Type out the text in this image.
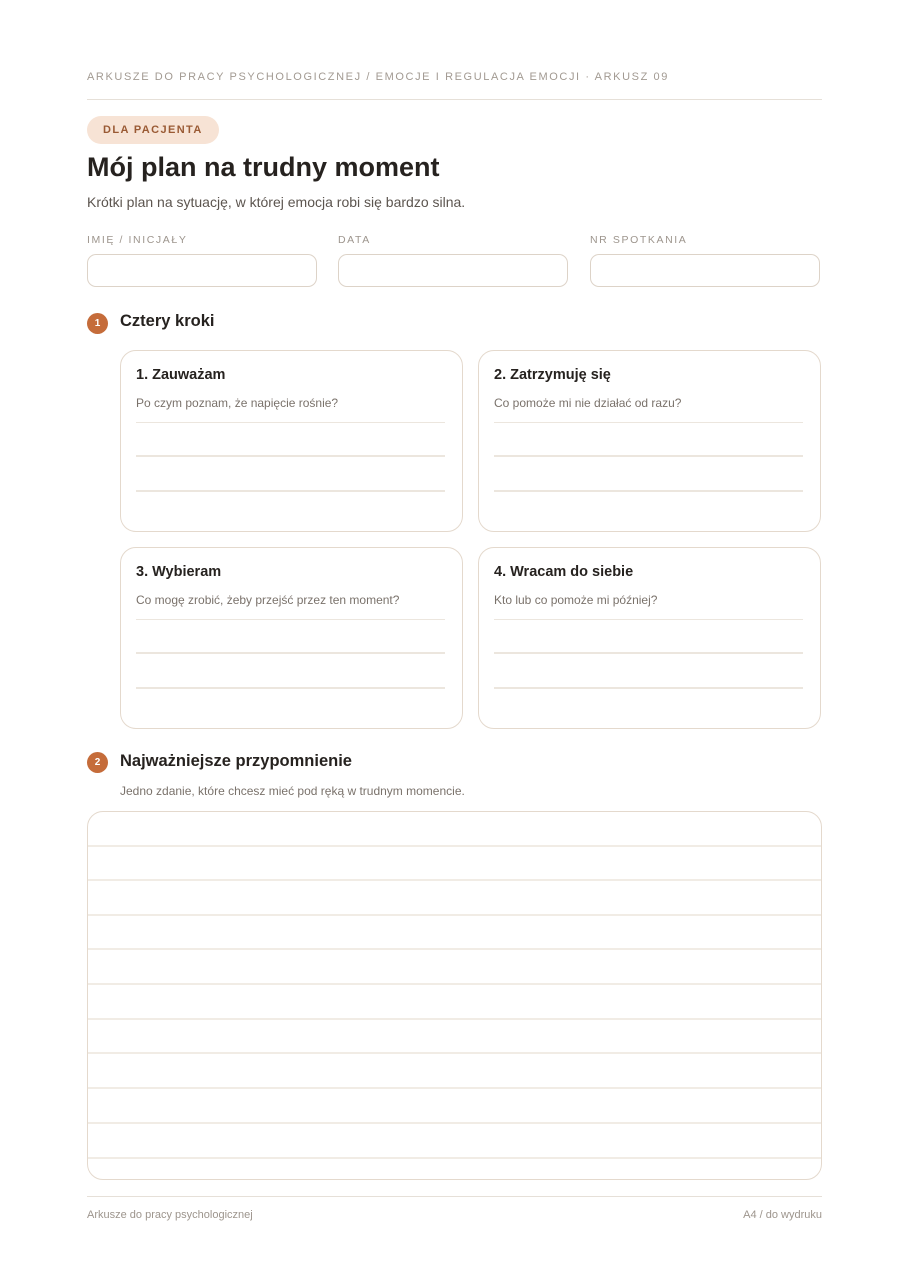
ARKUSZE DO PRACY PSYCHOLOGICZNEJ / EMOCJE I REGULACJA EMOCJI · ARKUSZ 09
DLA PACJENTA
Mój plan na trudny moment
Krótki plan na sytuację, w której emocja robi się bardzo silna.
IMIĘ / INICJAŁY	DATA	NR SPOTKANIA
1	Cztery kroki
1. Zauważam
Po czym poznam, że napięcie rośnie?
2. Zatrzymuję się
Co pomoże mi nie działać od razu?
3. Wybieram
Co mogę zrobić, żeby przejść przez ten moment?
4. Wracam do siebie
Kto lub co pomoże mi później?
2	Najważniejsze przypomnienie
Jedno zdanie, które chcesz mieć pod ręką w trudnym momencie.
Arkusze do pracy psychologicznej	A4 / do wydruku
